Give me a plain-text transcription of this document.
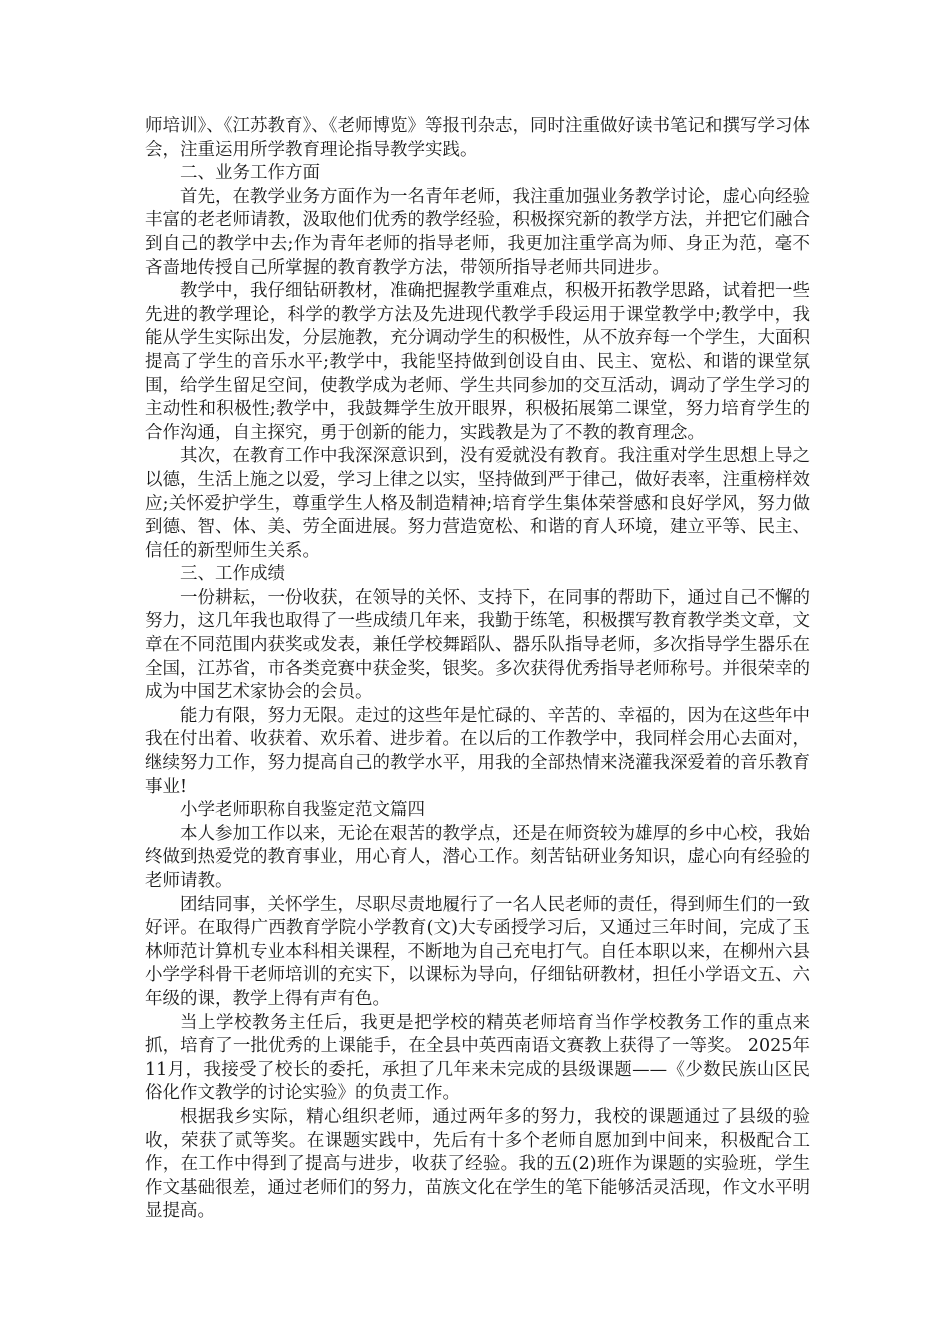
师培训》、《江苏教育》、《老师博览》等报刊杂志，同时注重做好读书笔记和撰写学习体会，注重运用所学教育理论指导教学实践。

二、业务工作方面

首先，在教学业务方面作为一名青年老师，我注重加强业务教学讨论，虚心向经验丰富的老老师请教，汲取他们优秀的教学经验，积极探究新的教学方法，并把它们融合到自己的教学中去;作为青年老师的指导老师，我更加注重学高为师、身正为范，毫不吝啬地传授自己所掌握的教育教学方法，带领所指导老师共同进步。

教学中，我仔细钻研教材，准确把握教学重难点，积极开拓教学思路，试着把一些先进的教学理论，科学的教学方法及先进现代教学手段运用于课堂教学中;教学中，我能从学生实际出发，分层施教，充分调动学生的积极性，从不放弃每一个学生，大面积提高了学生的音乐水平;教学中，我能坚持做到创设自由、民主、宽松、和谐的课堂氛围，给学生留足空间，使教学成为老师、学生共同参加的交互活动，调动了学生学习的主动性和积极性;教学中，我鼓舞学生放开眼界，积极拓展第二课堂，努力培育学生的合作沟通，自主探究，勇于创新的能力，实践教是为了不教的教育理念。

其次，在教育工作中我深深意识到，没有爱就没有教育。我注重对学生思想上导之以德，生活上施之以爱，学习上律之以实，坚持做到严于律己，做好表率，注重榜样效应;关怀爱护学生，尊重学生人格及制造精神;培育学生集体荣誉感和良好学风，努力做到德、智、体、美、劳全面进展。努力营造宽松、和谐的育人环境，建立平等、民主、信任的新型师生关系。

三、工作成绩

一份耕耘，一份收获，在领导的关怀、支持下，在同事的帮助下，通过自己不懈的努力，这几年我也取得了一些成绩几年来，我勤于练笔，积极撰写教育教学类文章，文章在不同范围内获奖或发表，兼任学校舞蹈队、器乐队指导老师，多次指导学生器乐在全国，江苏省，市各类竞赛中获金奖，银奖。多次获得优秀指导老师称号。并很荣幸的成为中国艺术家协会的会员。

能力有限，努力无限。走过的这些年是忙碌的、辛苦的、幸福的，因为在这些年中我在付出着、收获着、欢乐着、进步着。在以后的工作教学中，我同样会用心去面对，继续努力工作，努力提高自己的教学水平，用我的全部热情来浇灌我深爱着的音乐教育事业!

小学老师职称自我鉴定范文篇四

本人参加工作以来，无论在艰苦的教学点，还是在师资较为雄厚的乡中心校，我始终做到热爱党的教育事业，用心育人，潜心工作。刻苦钻研业务知识，虚心向有经验的老师请教。

团结同事，关怀学生，尽职尽责地履行了一名人民老师的责任，得到师生们的一致好评。在取得广西教育学院小学教育(文)大专函授学习后，又通过三年时间，完成了玉林师范计算机专业本科相关课程，不断地为自己充电打气。自任本职以来，在柳州六县小学学科骨干老师培训的充实下，以课标为导向，仔细钻研教材，担任小学语文五、六年级的课，教学上得有声有色。

当上学校教务主任后，我更是把学校的精英老师培育当作学校教务工作的重点来抓，培育了一批优秀的上课能手，在全县中英西南语文赛教上获得了一等奖。 2025年11月，我接受了校长的委托，承担了几年来未完成的县级课题——《少数民族山区民俗化作文教学的讨论实验》的负责工作。

根据我乡实际，精心组织老师，通过两年多的努力，我校的课题通过了县级的验收，荣获了贰等奖。在课题实践中，先后有十多个老师自愿加到中间来，积极配合工作，在工作中得到了提高与进步，收获了经验。我的五(2)班作为课题的实验班，学生作文基础很差，通过老师们的努力，苗族文化在学生的笔下能够活灵活现，作文水平明显提高。
